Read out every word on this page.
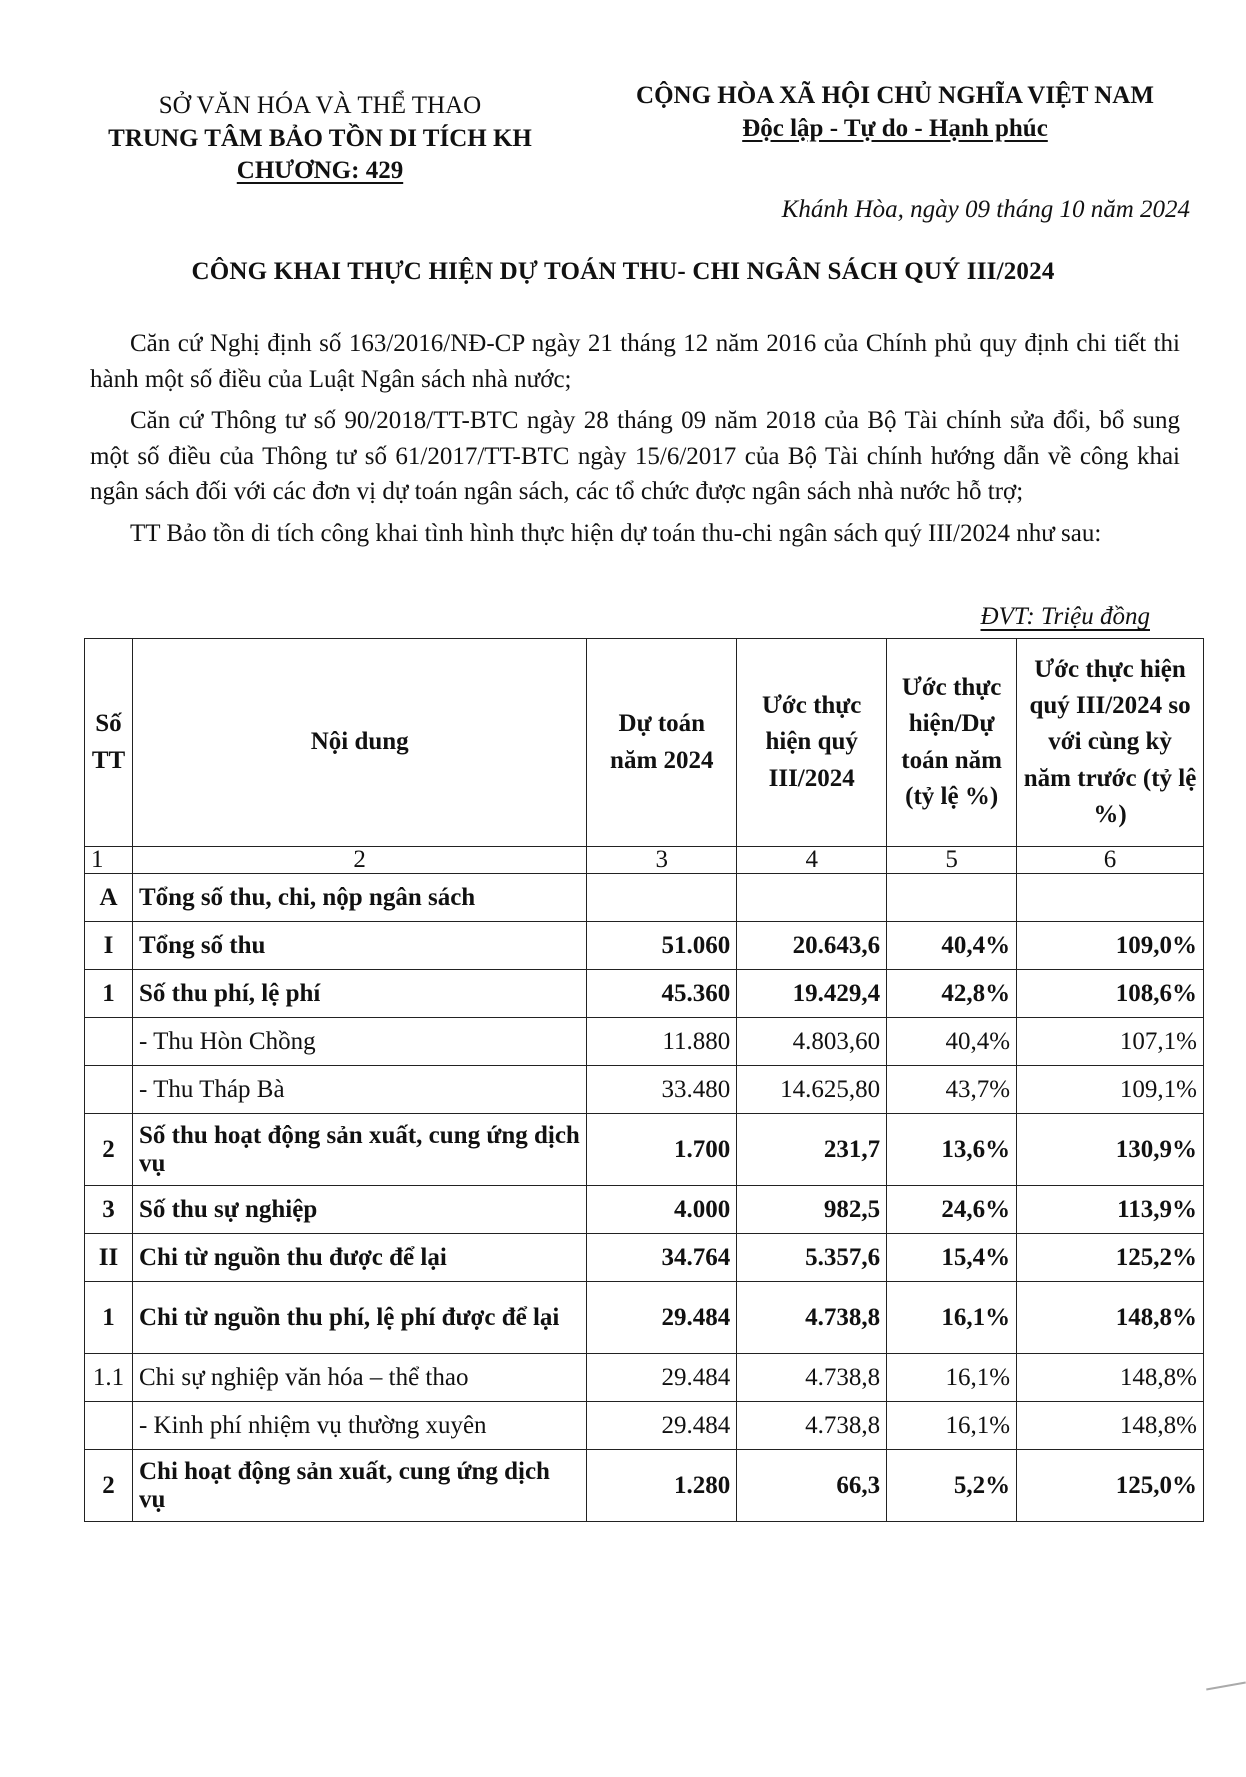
SỞ VĂN HÓA VÀ THỂ THAO
TRUNG TÂM BẢO TỒN DI TÍCH KH
CHƯƠNG: 429
CỘNG HÒA XÃ HỘI CHỦ NGHĨA VIỆT NAM
Độc lập - Tự do - Hạnh phúc
Khánh Hòa, ngày 09 tháng 10 năm 2024
CÔNG KHAI THỰC HIỆN DỰ TOÁN THU- CHI NGÂN SÁCH QUÝ III/2024

Căn cứ Nghị định số 163/2016/NĐ-CP ngày 21 tháng 12 năm 2016 của Chính phủ quy định chi tiết thi hành một số điều của Luật Ngân sách nhà nước;

Căn cứ Thông tư số 90/2018/TT-BTC ngày 28 tháng 09 năm 2018 của Bộ Tài chính sửa đổi, bổ sung một số điều của Thông tư số 61/2017/TT-BTC ngày 15/6/2017 của Bộ Tài chính hướng dẫn về công khai ngân sách đối với các đơn vị dự toán ngân sách, các tổ chức được ngân sách nhà nước hỗ trợ;

TT Bảo tồn di tích công khai tình hình thực hiện dự toán thu-chi ngân sách quý III/2024 như sau:

ĐVT: Triệu đồng
Số TT	Nội dung	Dự toán năm 2024	Ước thực hiện quý III/2024	Ước thực hiện/Dự toán năm (tỷ lệ %)	Ước thực hiện quý III/2024 so với cùng kỳ năm trước (tỷ lệ %)
1	2	3	4	5	6
A	Tổng số thu, chi, nộp ngân sách				
I	Tổng số thu	51.060	20.643,6	40,4%	109,0%
1	Số thu phí, lệ phí	45.360	19.429,4	42,8%	108,6%
	- Thu Hòn Chồng	11.880	4.803,60	40,4%	107,1%
	- Thu Tháp Bà	33.480	14.625,80	43,7%	109,1%
2	Số thu hoạt động sản xuất, cung ứng dịch vụ	1.700	231,7	13,6%	130,9%
3	Số thu sự nghiệp	4.000	982,5	24,6%	113,9%
II	Chi từ nguồn thu được để lại	34.764	5.357,6	15,4%	125,2%
1	Chi từ nguồn thu phí, lệ phí được để lại	29.484	4.738,8	16,1%	148,8%
1.1	Chi sự nghiệp văn hóa – thể thao	29.484	4.738,8	16,1%	148,8%
	- Kinh phí nhiệm vụ thường xuyên	29.484	4.738,8	16,1%	148,8%
2	Chi hoạt động sản xuất, cung ứng dịch vụ	1.280	66,3	5,2%	125,0%
